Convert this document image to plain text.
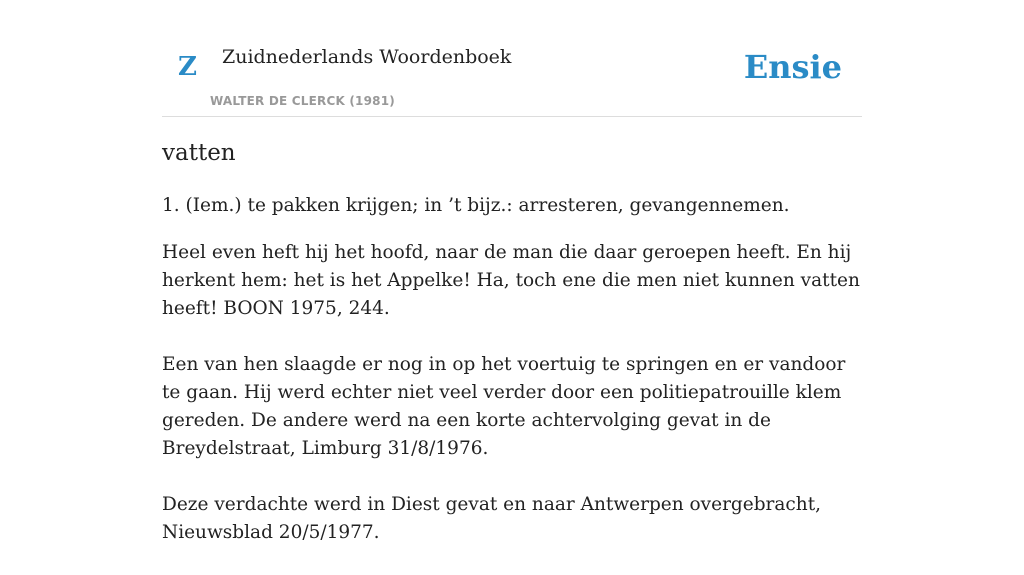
Z Zuidnederlands Woordenboek
WALTER DE CLERCK (1981)
Ensie
vatten

1. (Iem.) te pakken krijgen; in ’t bijz.: arresteren, gevangennemen.

Heel even heft hij het hoofd, naar de man die daar geroepen heeft. En hij herkent hem: het is het Appelke! Ha, toch ene die men niet kunnen vatten heeft! BOON 1975, 244.

Een van hen slaagde er nog in op het voertuig te springen en er vandoor te gaan. Hij werd echter niet veel verder door een politiepatrouille klem gereden. De andere werd na een korte achtervolging gevat in de Breydelstraat, Limburg 31/8/1976.

Deze verdachte werd in Diest gevat en naar Antwerpen overgebracht, Nieuwsblad 20/5/1977.
